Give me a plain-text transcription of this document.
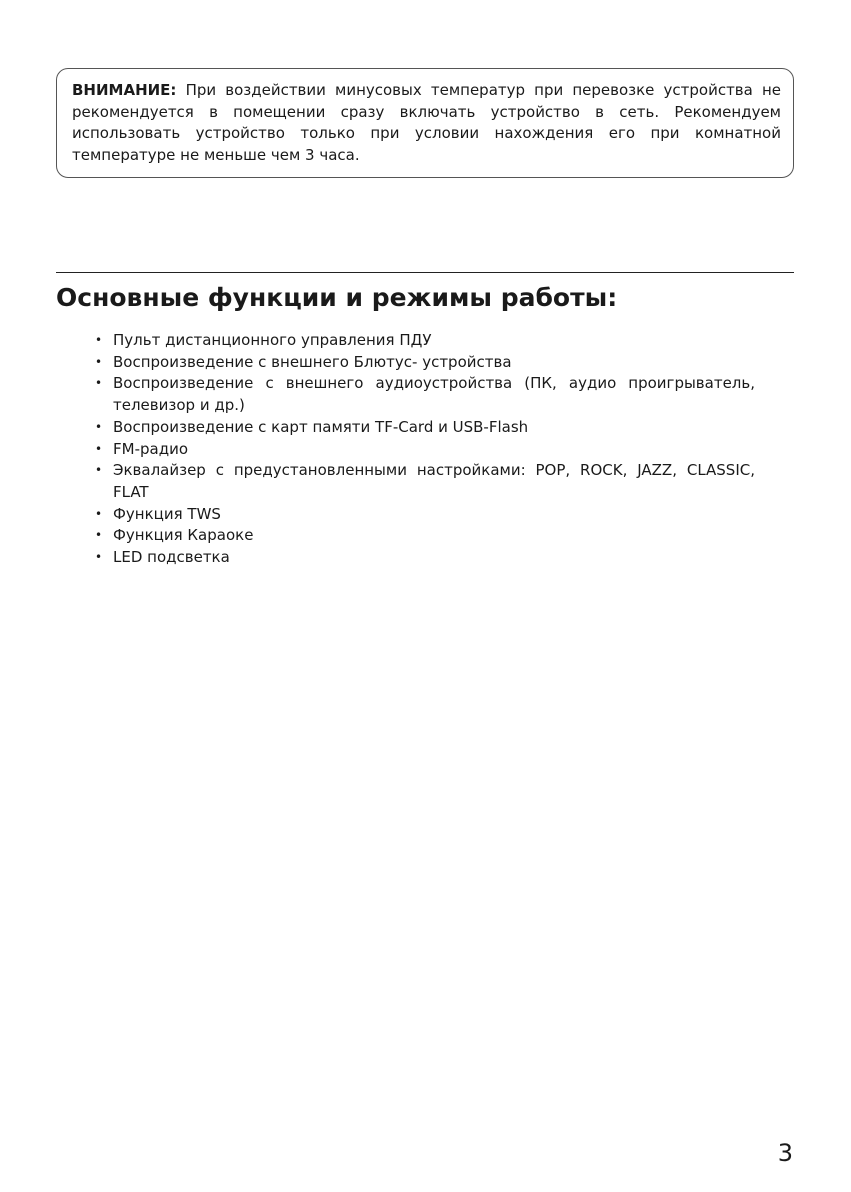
ВНИМАНИЕ: При воздействии минусовых температур при перевозке устройства не рекомендуется в помещении сразу включать устройство в сеть. Рекомендуем использовать устройство только при условии нахождения его при комнатной температуре не меньше чем 3 часа.
Основные функции и режимы работы:
• Пульт дистанционного управления ПДУ
• Воспроизведение с внешнего Блютус- устройства
• Воспроизведение с внешнего аудиоустройства (ПК, аудио проигрыватель, телевизор и др.)
• Воспроизведение с карт памяти TF-Card и USB-Flash
• FM-радио
• Эквалайзер с предустановленными настройками: POP, ROCK, JAZZ, CLASSIC, FLAT
• Функция TWS
• Функция Караоке
• LED подсветка
3
